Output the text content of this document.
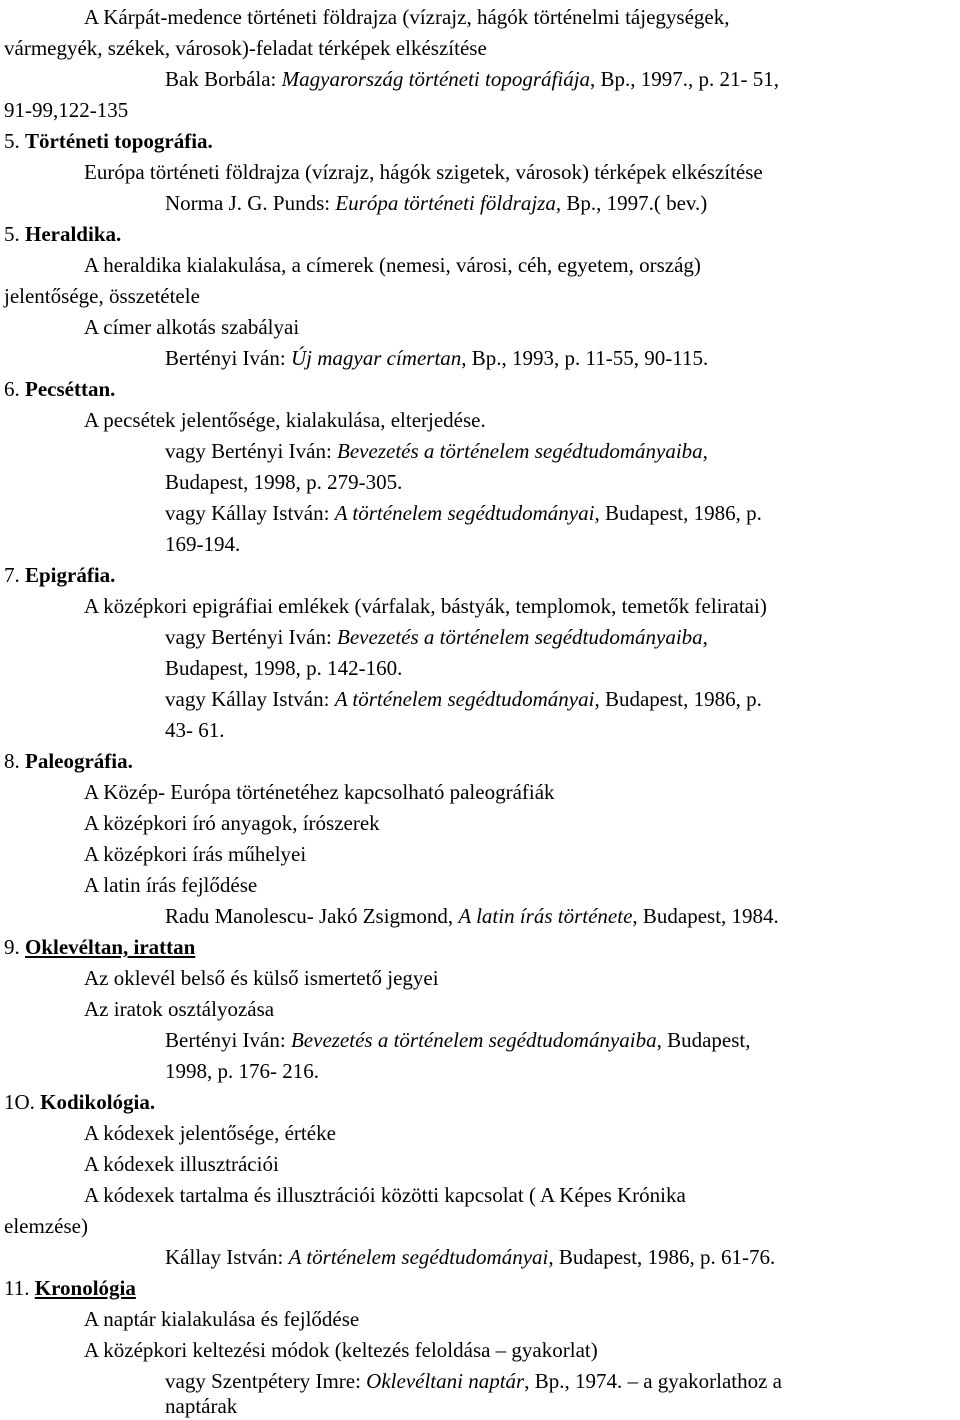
A Kárpát-medence történeti földrajza (vízrajz, hágók történelmi tájegységek,
vármegyék, székek, városok)-feladat térképek elkészítése
Bak Borbála: Magyarország történeti topográfiája, Bp., 1997., p. 21- 51,
91-99,122-135
5. Történeti topográfia.
Európa történeti földrajza (vízrajz, hágók szigetek, városok) térképek elkészítése
Norma J. G. Punds: Európa történeti földrajza, Bp., 1997.( bev.)
5. Heraldika.
A heraldika kialakulása, a címerek (nemesi, városi, céh, egyetem, ország)
jelentősége, összetétele
A címer alkotás szabályai
Bertényi Iván: Új magyar címertan, Bp., 1993, p. 11-55, 90-115.
6. Pecséttan.
A pecsétek jelentősége, kialakulása, elterjedése.
vagy Bertényi Iván: Bevezetés a történelem segédtudományaiba,
Budapest, 1998, p. 279-305.
vagy Kállay István: A történelem segédtudományai, Budapest, 1986, p.
169-194.
7. Epigráfia.
A középkori epigráfiai emlékek (várfalak, bástyák, templomok, temetők feliratai)
vagy Bertényi Iván: Bevezetés a történelem segédtudományaiba,
Budapest, 1998, p. 142-160.
vagy Kállay István: A történelem segédtudományai, Budapest, 1986, p.
43- 61.
8. Paleográfia.
A Közép- Európa történetéhez kapcsolható paleográfiák
A középkori író anyagok, írószerek
A középkori írás műhelyei
A latin írás fejlődése
Radu Manolescu- Jakó Zsigmond, A latin írás története, Budapest, 1984.
9. Oklevéltan, irattan
Az oklevél belső és külső ismertető jegyei
Az iratok osztályozása
Bertényi Iván: Bevezetés a történelem segédtudományaiba, Budapest,
1998, p. 176- 216.
1O. Kodikológia.
A kódexek jelentősége, értéke
A kódexek illusztrációi
A kódexek tartalma és illusztrációi közötti kapcsolat ( A Képes Krónika
elemzése)
Kállay István: A történelem segédtudományai, Budapest, 1986, p. 61-76.
11. Kronológia
A naptár kialakulása és fejlődése
A középkori keltezési módok (keltezés feloldása – gyakorlat)
vagy Szentpétery Imre: Oklevéltani naptár, Bp., 1974. – a gyakorlathoz a
naptárak
